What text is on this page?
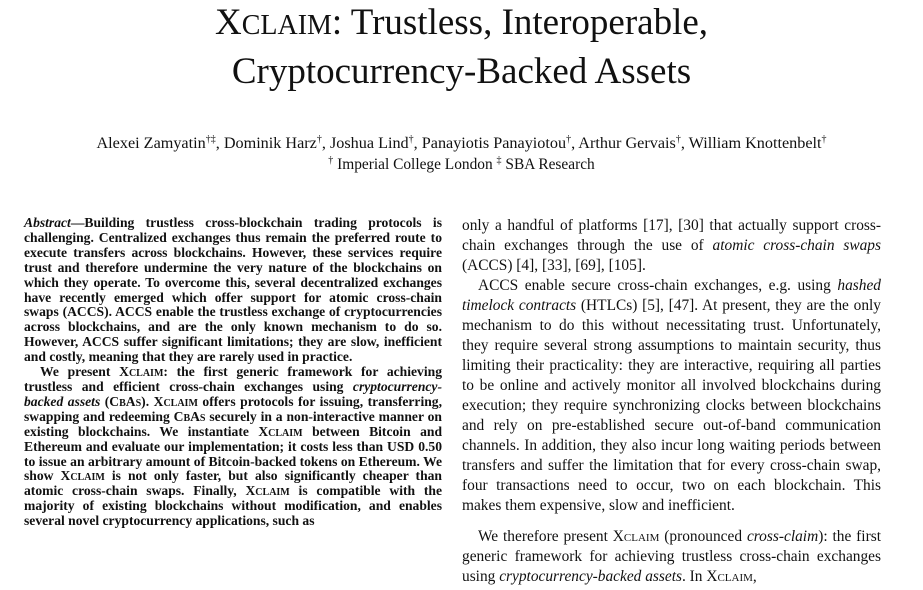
XCLAIM: Trustless, Interoperable,
Cryptocurrency-Backed Assets
Alexei Zamyatin†‡, Dominik Harz†, Joshua Lind†, Panayiotis Panayiotou†, Arthur Gervais†, William Knottenbelt†
† Imperial College London ‡ SBA Research

Abstract—Building trustless cross-blockchain trading protocols is challenging. Centralized exchanges thus remain the preferred route to execute transfers across blockchains. However, these services require trust and therefore undermine the very nature of the blockchains on which they operate. To overcome this, several decentralized exchanges have recently emerged which offer support for atomic cross-chain swaps (ACCS). ACCS enable the trustless exchange of cryptocurrencies across blockchains, and are the only known mechanism to do so. However, ACCS suffer significant limitations; they are slow, inefficient and costly, meaning that they are rarely used in practice.

We present Xclaim: the first generic framework for achieving trustless and efficient cross-chain exchanges using cryptocurrency-backed assets (CbAs). Xclaim offers protocols for issuing, transferring, swapping and redeeming CbAs securely in a non-interactive manner on existing blockchains. We instantiate Xclaim between Bitcoin and Ethereum and evaluate our implementation; it costs less than USD 0.50 to issue an arbitrary amount of Bitcoin-backed tokens on Ethereum. We show Xclaim is not only faster, but also significantly cheaper than atomic cross-chain swaps. Finally, Xclaim is compatible with the majority of existing blockchains without modification, and enables several novel cryptocurrency applications, such as

only a handful of platforms [17], [30] that actually support cross-chain exchanges through the use of atomic cross-chain swaps (ACCS) [4], [33], [69], [105].

ACCS enable secure cross-chain exchanges, e.g. using hashed timelock contracts (HTLCs) [5], [47]. At present, they are the only mechanism to do this without necessitating trust. Unfortunately, they require several strong assumptions to maintain security, thus limiting their practicality: they are interactive, requiring all parties to be online and actively monitor all involved blockchains during execution; they require synchronizing clocks between blockchains and rely on pre-established secure out-of-band communication channels. In addition, they also incur long waiting periods between transfers and suffer the limitation that for every cross-chain swap, four transactions need to occur, two on each blockchain. This makes them expensive, slow and inefficient.

We therefore present Xclaim (pronounced cross-claim): the first generic framework for achieving trustless cross-chain exchanges using cryptocurrency-backed assets. In Xclaim,
